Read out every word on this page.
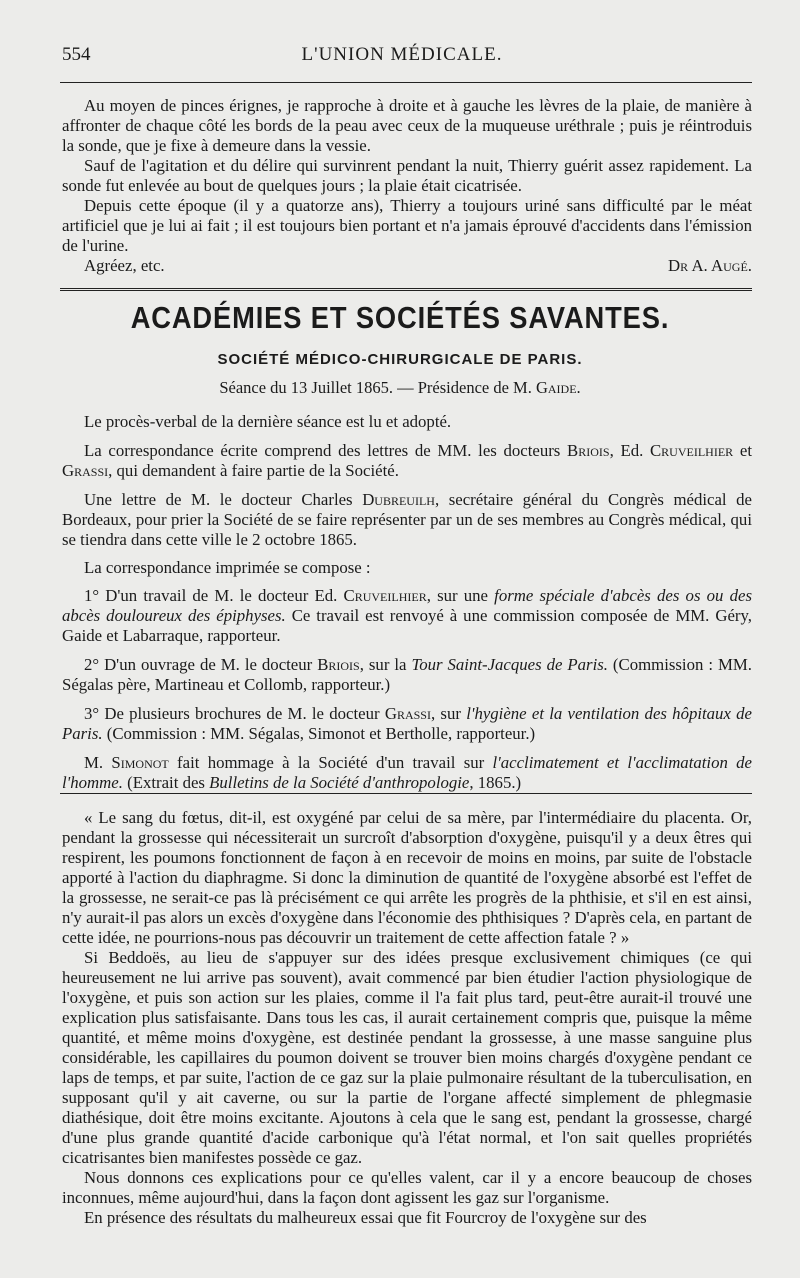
554	L'UNION MÉDICALE.

Au moyen de pinces érignes, je rapproche à droite et à gauche les lèvres de la plaie, de manière à affronter de chaque côté les bords de la peau avec ceux de la muqueuse uréthrale ; puis je réintroduis la sonde, que je fixe à demeure dans la vessie.

Sauf de l'agitation et du délire qui survinrent pendant la nuit, Thierry guérit assez rapidement. La sonde fut enlevée au bout de quelques jours ; la plaie était cicatrisée.

Depuis cette époque (il y a quatorze ans), Thierry a toujours uriné sans difficulté par le méat artificiel que je lui ai fait ; il est toujours bien portant et n'a jamais éprouvé d'accidents dans l'émission de l'urine.

Agréez, etc.	Dr A. Augé.
ACADÉMIES ET SOCIÉTÉS SAVANTES.
SOCIÉTÉ MÉDICO-CHIRURGICALE DE PARIS.
Séance du 13 Juillet 1865. — Présidence de M. Gaide.

Le procès-verbal de la dernière séance est lu et adopté.

La correspondance écrite comprend des lettres de MM. les docteurs Briois, Ed. Cruveilhier et Grassi, qui demandent à faire partie de la Société.

Une lettre de M. le docteur Charles Dubreuilh, secrétaire général du Congrès médical de Bordeaux, pour prier la Société de se faire représenter par un de ses membres au Congrès médical, qui se tiendra dans cette ville le 2 octobre 1865.

La correspondance imprimée se compose :

1° D'un travail de M. le docteur Ed. Cruveilhier, sur une forme spéciale d'abcès des os ou des abcès douloureux des épiphyses. Ce travail est renvoyé à une commission composée de MM. Géry, Gaide et Labarraque, rapporteur.

2° D'un ouvrage de M. le docteur Briois, sur la Tour Saint-Jacques de Paris. (Commission : MM. Ségalas père, Martineau et Collomb, rapporteur.)

3° De plusieurs brochures de M. le docteur Grassi, sur l'hygiène et la ventilation des hôpitaux de Paris. (Commission : MM. Ségalas, Simonot et Bertholle, rapporteur.)

M. Simonot fait hommage à la Société d'un travail sur l'acclimatement et l'acclimatation de l'homme. (Extrait des Bulletins de la Société d'anthropologie, 1865.)

« Le sang du fœtus, dit-il, est oxygéné par celui de sa mère, par l'intermédiaire du placenta. Or, pendant la grossesse qui nécessiterait un surcroît d'absorption d'oxygène, puisqu'il y a deux êtres qui respirent, les poumons fonctionnent de façon à en recevoir de moins en moins, par suite de l'obstacle apporté à l'action du diaphragme. Si donc la diminution de quantité de l'oxygène absorbé est l'effet de la grossesse, ne serait-ce pas là précisément ce qui arrête les progrès de la phthisie, et s'il en est ainsi, n'y aurait-il pas alors un excès d'oxygène dans l'économie des phthisiques ? D'après cela, en partant de cette idée, ne pourrions-nous pas découvrir un traitement de cette affection fatale ? »

Si Beddoës, au lieu de s'appuyer sur des idées presque exclusivement chimiques (ce qui heureusement ne lui arrive pas souvent), avait commencé par bien étudier l'action physiologique de l'oxygène, et puis son action sur les plaies, comme il l'a fait plus tard, peut-être aurait-il trouvé une explication plus satisfaisante. Dans tous les cas, il aurait certainement compris que, puisque la même quantité, et même moins d'oxygène, est destinée pendant la grossesse, à une masse sanguine plus considérable, les capillaires du poumon doivent se trouver bien moins chargés d'oxygène pendant ce laps de temps, et par suite, l'action de ce gaz sur la plaie pulmonaire résultant de la tuberculisation, en supposant qu'il y ait caverne, ou sur la partie de l'organe affecté simplement de phlegmasie diathésique, doit être moins excitante. Ajoutons à cela que le sang est, pendant la grossesse, chargé d'une plus grande quantité d'acide carbonique qu'à l'état normal, et l'on sait quelles propriétés cicatrisantes bien manifestes possède ce gaz.

Nous donnons ces explications pour ce qu'elles valent, car il y a encore beaucoup de choses inconnues, même aujourd'hui, dans la façon dont agissent les gaz sur l'organisme.

En présence des résultats du malheureux essai que fit Fourcroy de l'oxygène sur des
